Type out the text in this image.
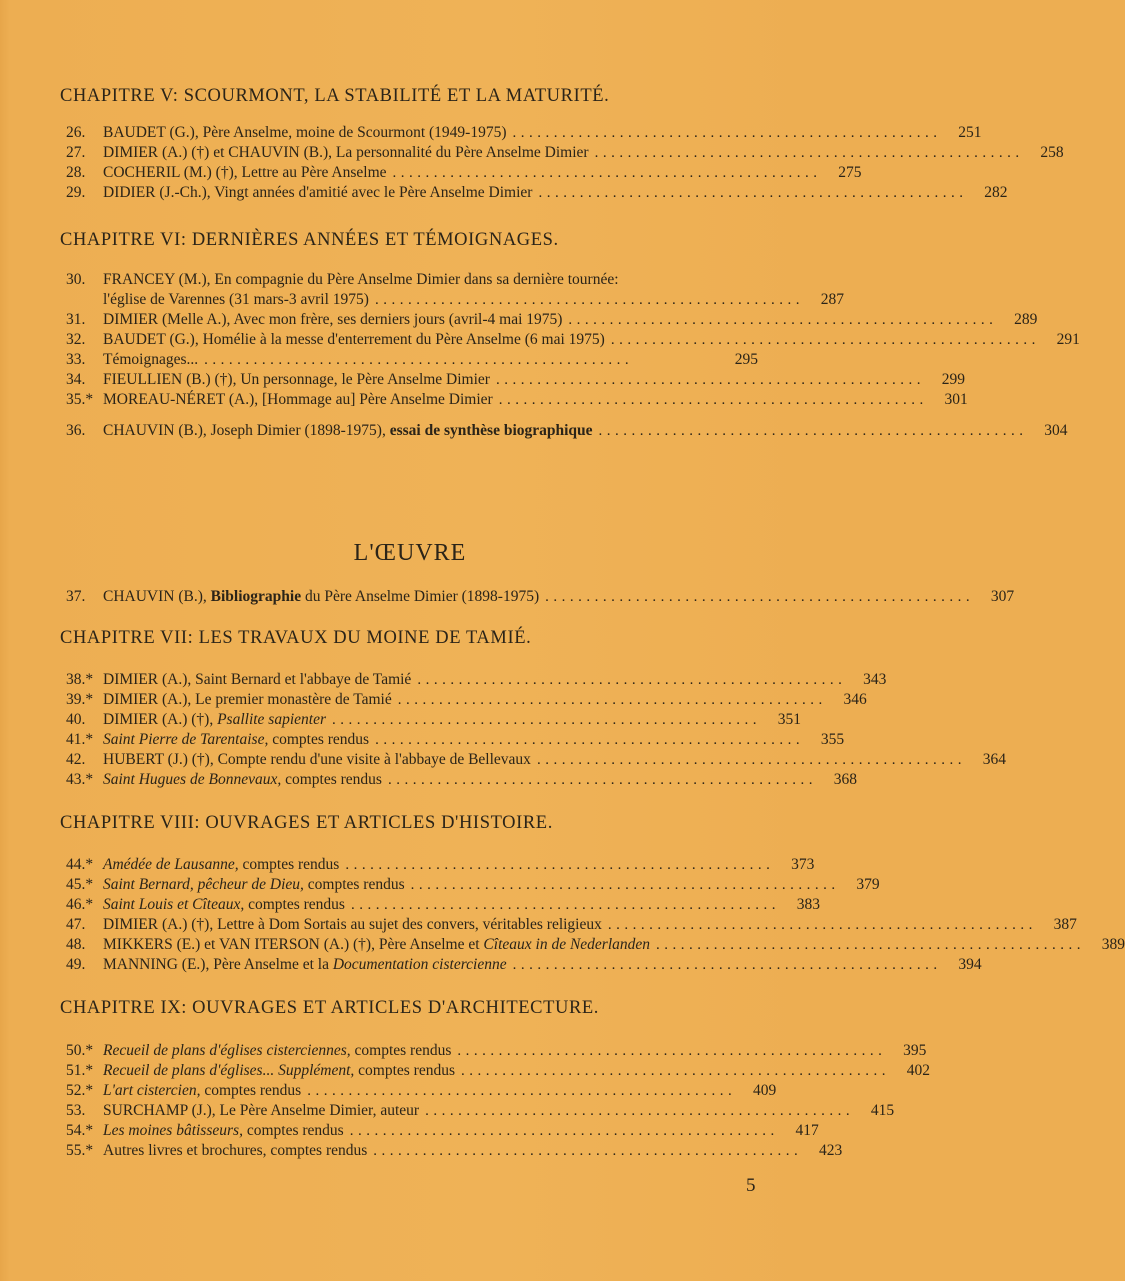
CHAPITRE V: SCOURMONT, LA STABILITÉ ET LA MATURITÉ.
26.	BAUDET (G.), Père Anselme, moine de Scourmont (1949-1975) ....................................................	251
27.	DIMIER (A.) (†) et CHAUVIN (B.), La personnalité du Père Anselme Dimier ....................................................	258
28.	COCHERIL (M.) (†), Lettre au Père Anselme ....................................................	275
29.	DIDIER (J.-Ch.), Vingt années d'amitié avec le Père Anselme Dimier ....................................................	282
CHAPITRE VI: DERNIÈRES ANNÉES ET TÉMOIGNAGES.
30.	FRANCEY (M.), En compagnie du Père Anselme Dimier dans sa dernière tournée:
l'église de Varennes (31 mars-3 avril 1975) ....................................................	287
31.	DIMIER (Melle A.), Avec mon frère, ses derniers jours (avril-4 mai 1975) ....................................................	289
32.	BAUDET (G.), Homélie à la messe d'enterrement du Père Anselme (6 mai 1975) ....................................................	291
33.	Témoignages... ....................................................	295
34.	FIEULLIEN (B.) (†), Un personnage, le Père Anselme Dimier ....................................................	299
35.* MOREAU-NÉRET (A.), [Hommage au] Père Anselme Dimier ....................................................	301
36.	CHAUVIN (B.), Joseph Dimier (1898-1975), essai de synthèse biographique ....................................................	304
L'ŒUVRE
37.	CHAUVIN (B.), Bibliographie du Père Anselme Dimier (1898-1975) ....................................................	307
CHAPITRE VII: LES TRAVAUX DU MOINE DE TAMIÉ.
38.* DIMIER (A.), Saint Bernard et l'abbaye de Tamié ....................................................	343
39.* DIMIER (A.), Le premier monastère de Tamié ....................................................	346
40.	DIMIER (A.) (†), Psallite sapienter ....................................................	351
41.* Saint Pierre de Tarentaise, comptes rendus ....................................................	355
42.	HUBERT (J.) (†), Compte rendu d'une visite à l'abbaye de Bellevaux ....................................................	364
43.* Saint Hugues de Bonnevaux, comptes rendus ....................................................	368
CHAPITRE VIII: OUVRAGES ET ARTICLES D'HISTOIRE.
44.* Amédée de Lausanne, comptes rendus ....................................................	373
45.* Saint Bernard, pêcheur de Dieu, comptes rendus ....................................................	379
46.* Saint Louis et Cîteaux, comptes rendus ....................................................	383
47.	DIMIER (A.) (†), Lettre à Dom Sortais au sujet des convers, véritables religieux ....................................................	387
48.	MIKKERS (E.) et VAN ITERSON (A.) (†), Père Anselme et Cîteaux in de Nederlanden ....................................................	389
49.	MANNING (E.), Père Anselme et la Documentation cistercienne ....................................................	394
CHAPITRE IX: OUVRAGES ET ARTICLES D'ARCHITECTURE.
50.* Recueil de plans d'églises cisterciennes, comptes rendus ....................................................	395
51.* Recueil de plans d'églises... Supplément, comptes rendus ....................................................	402
52.* L'art cistercien, comptes rendus ....................................................	409
53.	SURCHAMP (J.), Le Père Anselme Dimier, auteur ....................................................	415
54.* Les moines bâtisseurs, comptes rendus ....................................................	417
55.* Autres livres et brochures, comptes rendus ....................................................	423
5
